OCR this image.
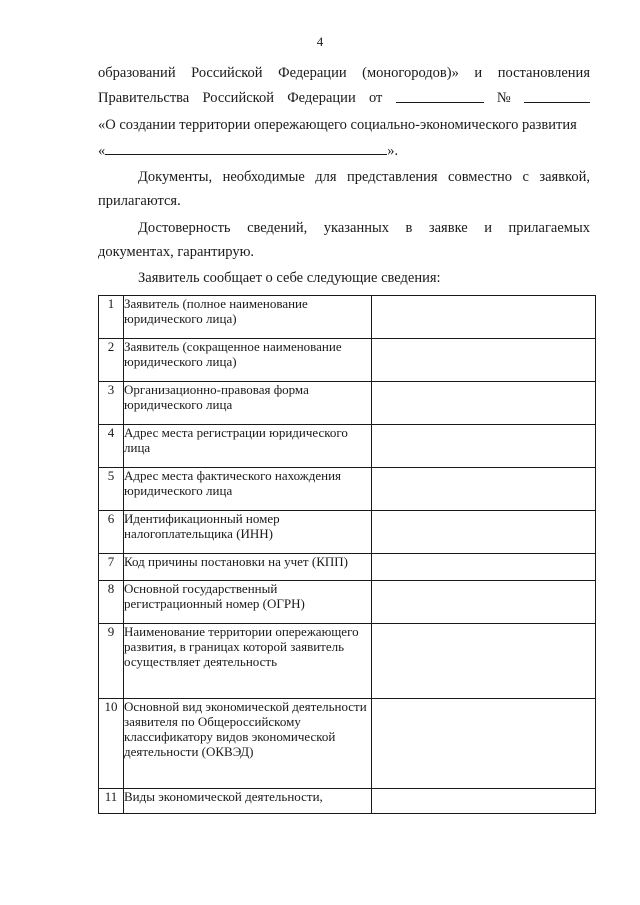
4
образований Российской Федерации (моногородов)» и постановления
Правительства Российской Федерации от	№
«О создании территории опережающего социально-экономического развития
«	».
Документы, необходимые для представления совместно с заявкой,
прилагаются.
Достоверность сведений, указанных в заявке и прилагаемых
документах, гарантирую.
Заявитель сообщает о себе следующие сведения:
1	Заявитель (полное наименование юридического лица)	
2	Заявитель (сокращенное наименование юридического лица)	
3	Организационно-правовая форма юридического лица	
4	Адрес места регистрации юридического лица	
5	Адрес места фактического нахождения юридического лица	
6	Идентификационный номер налогоплательщика (ИНН)	
7	Код причины постановки на учет (КПП)	
8	Основной государственный регистрационный номер (ОГРН)	
9	Наименование территории опережающего развития, в границах которой заявитель осуществляет деятельность	
10	Основной вид экономической деятельности заявителя по Общероссийскому классификатору видов экономической деятельности (ОКВЭД)	
11	Виды экономической деятельности,	
